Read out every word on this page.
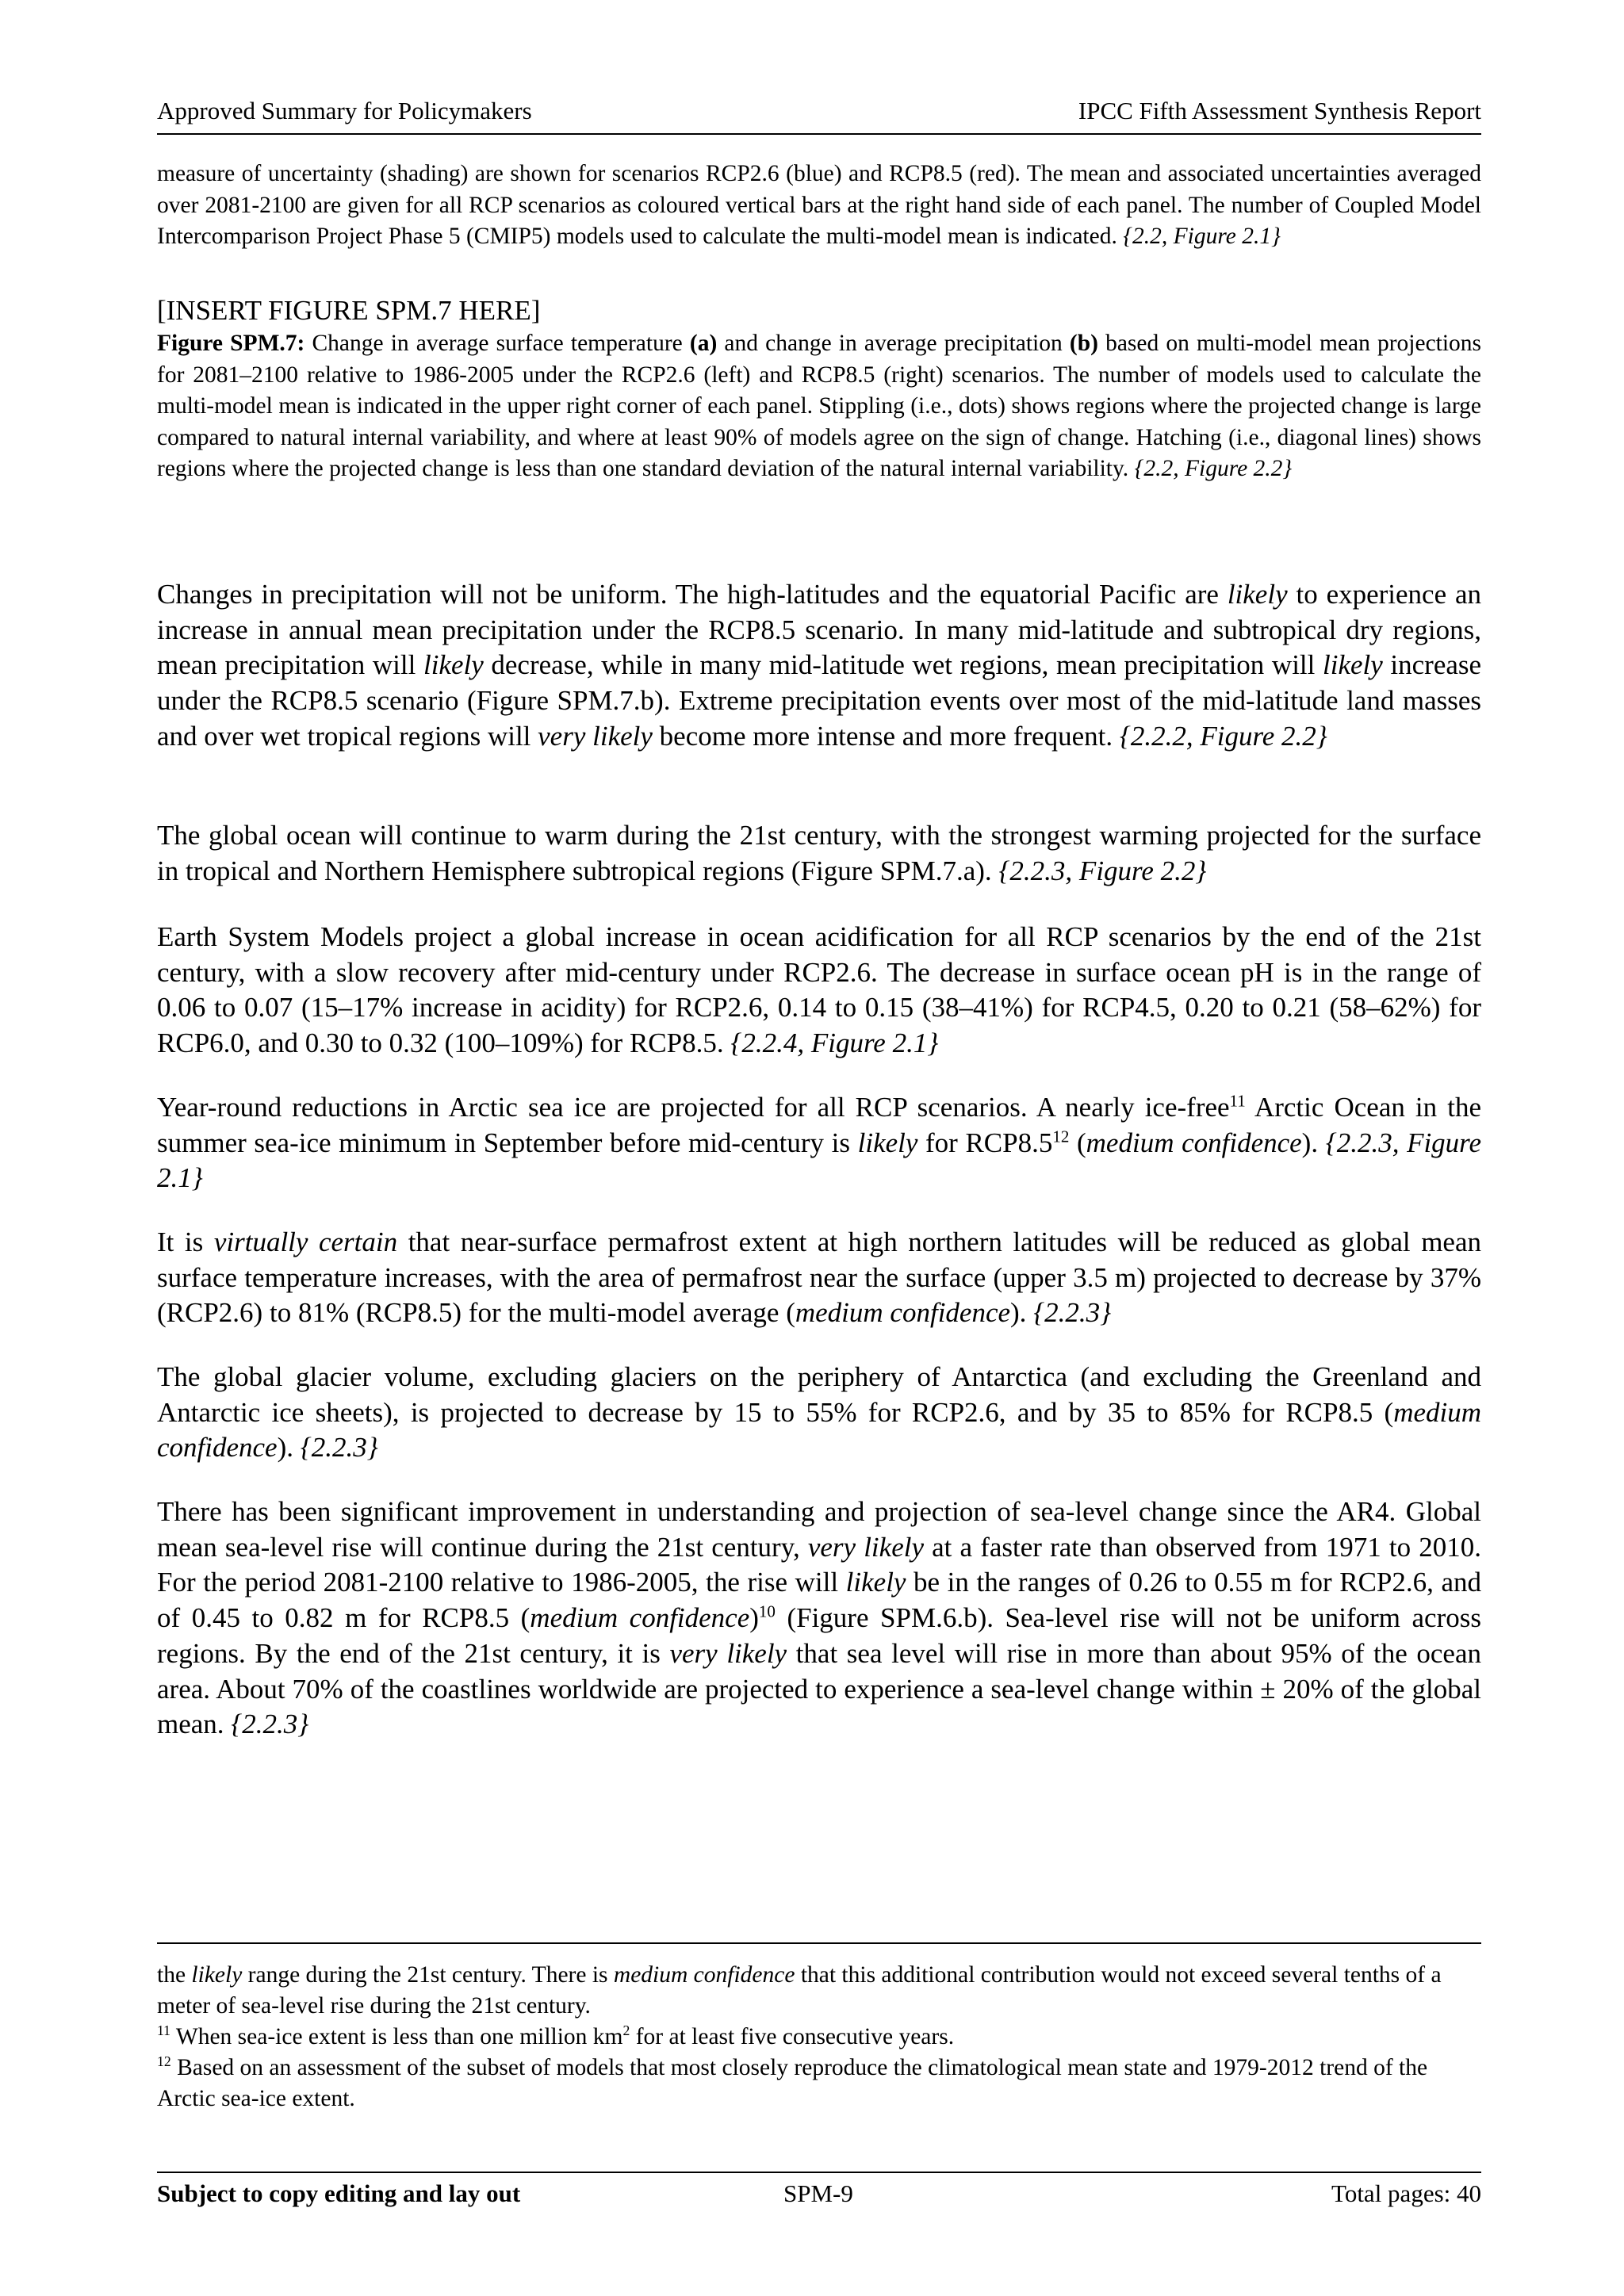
Approved Summary for Policymakers	IPCC Fifth Assessment Synthesis Report

measure of uncertainty (shading) are shown for scenarios RCP2.6 (blue) and RCP8.5 (red). The mean and associated uncertainties averaged over 2081-2100 are given for all RCP scenarios as coloured vertical bars at the right hand side of each panel. The number of Coupled Model Intercomparison Project Phase 5 (CMIP5) models used to calculate the multi-model mean is indicated. {2.2, Figure 2.1}

[INSERT FIGURE SPM.7 HERE]

Figure SPM.7: Change in average surface temperature (a) and change in average precipitation (b) based on multi-model mean projections for 2081–2100 relative to 1986-2005 under the RCP2.6 (left) and RCP8.5 (right) scenarios. The number of models used to calculate the multi-model mean is indicated in the upper right corner of each panel. Stippling (i.e., dots) shows regions where the projected change is large compared to natural internal variability, and where at least 90% of models agree on the sign of change. Hatching (i.e., diagonal lines) shows regions where the projected change is less than one standard deviation of the natural internal variability. {2.2, Figure 2.2}

Changes in precipitation will not be uniform. The high-latitudes and the equatorial Pacific are likely to experience an increase in annual mean precipitation under the RCP8.5 scenario. In many mid-latitude and subtropical dry regions, mean precipitation will likely decrease, while in many mid-latitude wet regions, mean precipitation will likely increase under the RCP8.5 scenario (Figure SPM.7.b). Extreme precipitation events over most of the mid-latitude land masses and over wet tropical regions will very likely become more intense and more frequent. {2.2.2, Figure 2.2}

The global ocean will continue to warm during the 21st century, with the strongest warming projected for the surface in tropical and Northern Hemisphere subtropical regions (Figure SPM.7.a). {2.2.3, Figure 2.2}

Earth System Models project a global increase in ocean acidification for all RCP scenarios by the end of the 21st century, with a slow recovery after mid-century under RCP2.6. The decrease in surface ocean pH is in the range of 0.06 to 0.07 (15–17% increase in acidity) for RCP2.6, 0.14 to 0.15 (38–41%) for RCP4.5, 0.20 to 0.21 (58–62%) for RCP6.0, and 0.30 to 0.32 (100–109%) for RCP8.5. {2.2.4, Figure 2.1}

Year-round reductions in Arctic sea ice are projected for all RCP scenarios. A nearly ice-free$^{11}$ Arctic Ocean in the summer sea-ice minimum in September before mid-century is likely for $RCP8.5^{12}$ (medium confidence). {2.2.3, Figure 2.1}

It is virtually certain that near-surface permafrost extent at high northern latitudes will be reduced as global mean surface temperature increases, with the area of permafrost near the surface (upper 3.5 m) projected to decrease by 37% (RCP2.6) to 81% (RCP8.5) for the multi-model average (medium confidence). {2.2.3}

The global glacier volume, excluding glaciers on the periphery of Antarctica (and excluding the Greenland and Antarctic ice sheets), is projected to decrease by 15 to 55% for RCP2.6, and by 35 to 85% for RCP8.5 (medium confidence). {2.2.3}

There has been significant improvement in understanding and projection of sea-level change since the AR4. Global mean sea-level rise will continue during the 21st century, very likely at a faster rate than observed from 1971 to 2010. For the period 2081-2100 relative to 1986-2005, the rise will likely be in the ranges of 0.26 to 0.55 m for RCP2.6, and of 0.45 to 0.82 m for RCP8.5 (medium confidence)$^{10}$ (Figure SPM.6.b). Sea-level rise will not be uniform across regions. By the end of the 21st century, it is very likely that sea level will rise in more than about 95% of the ocean area. About 70% of the coastlines worldwide are projected to experience a sea-level change within ± 20% of the global mean. {2.2.3}

the likely range during the 21st century. There is medium confidence that this additional contribution would not exceed several tenths of a meter of sea-level rise during the 21st century.

$^{11}$ When sea-ice extent is less than one million $km^2$ for at least five consecutive years.

$^{12}$ Based on an assessment of the subset of models that most closely reproduce the climatological mean state and 1979-2012 trend of the Arctic sea-ice extent.

Subject to copy editing and lay out	SPM-9	Total pages: 40
